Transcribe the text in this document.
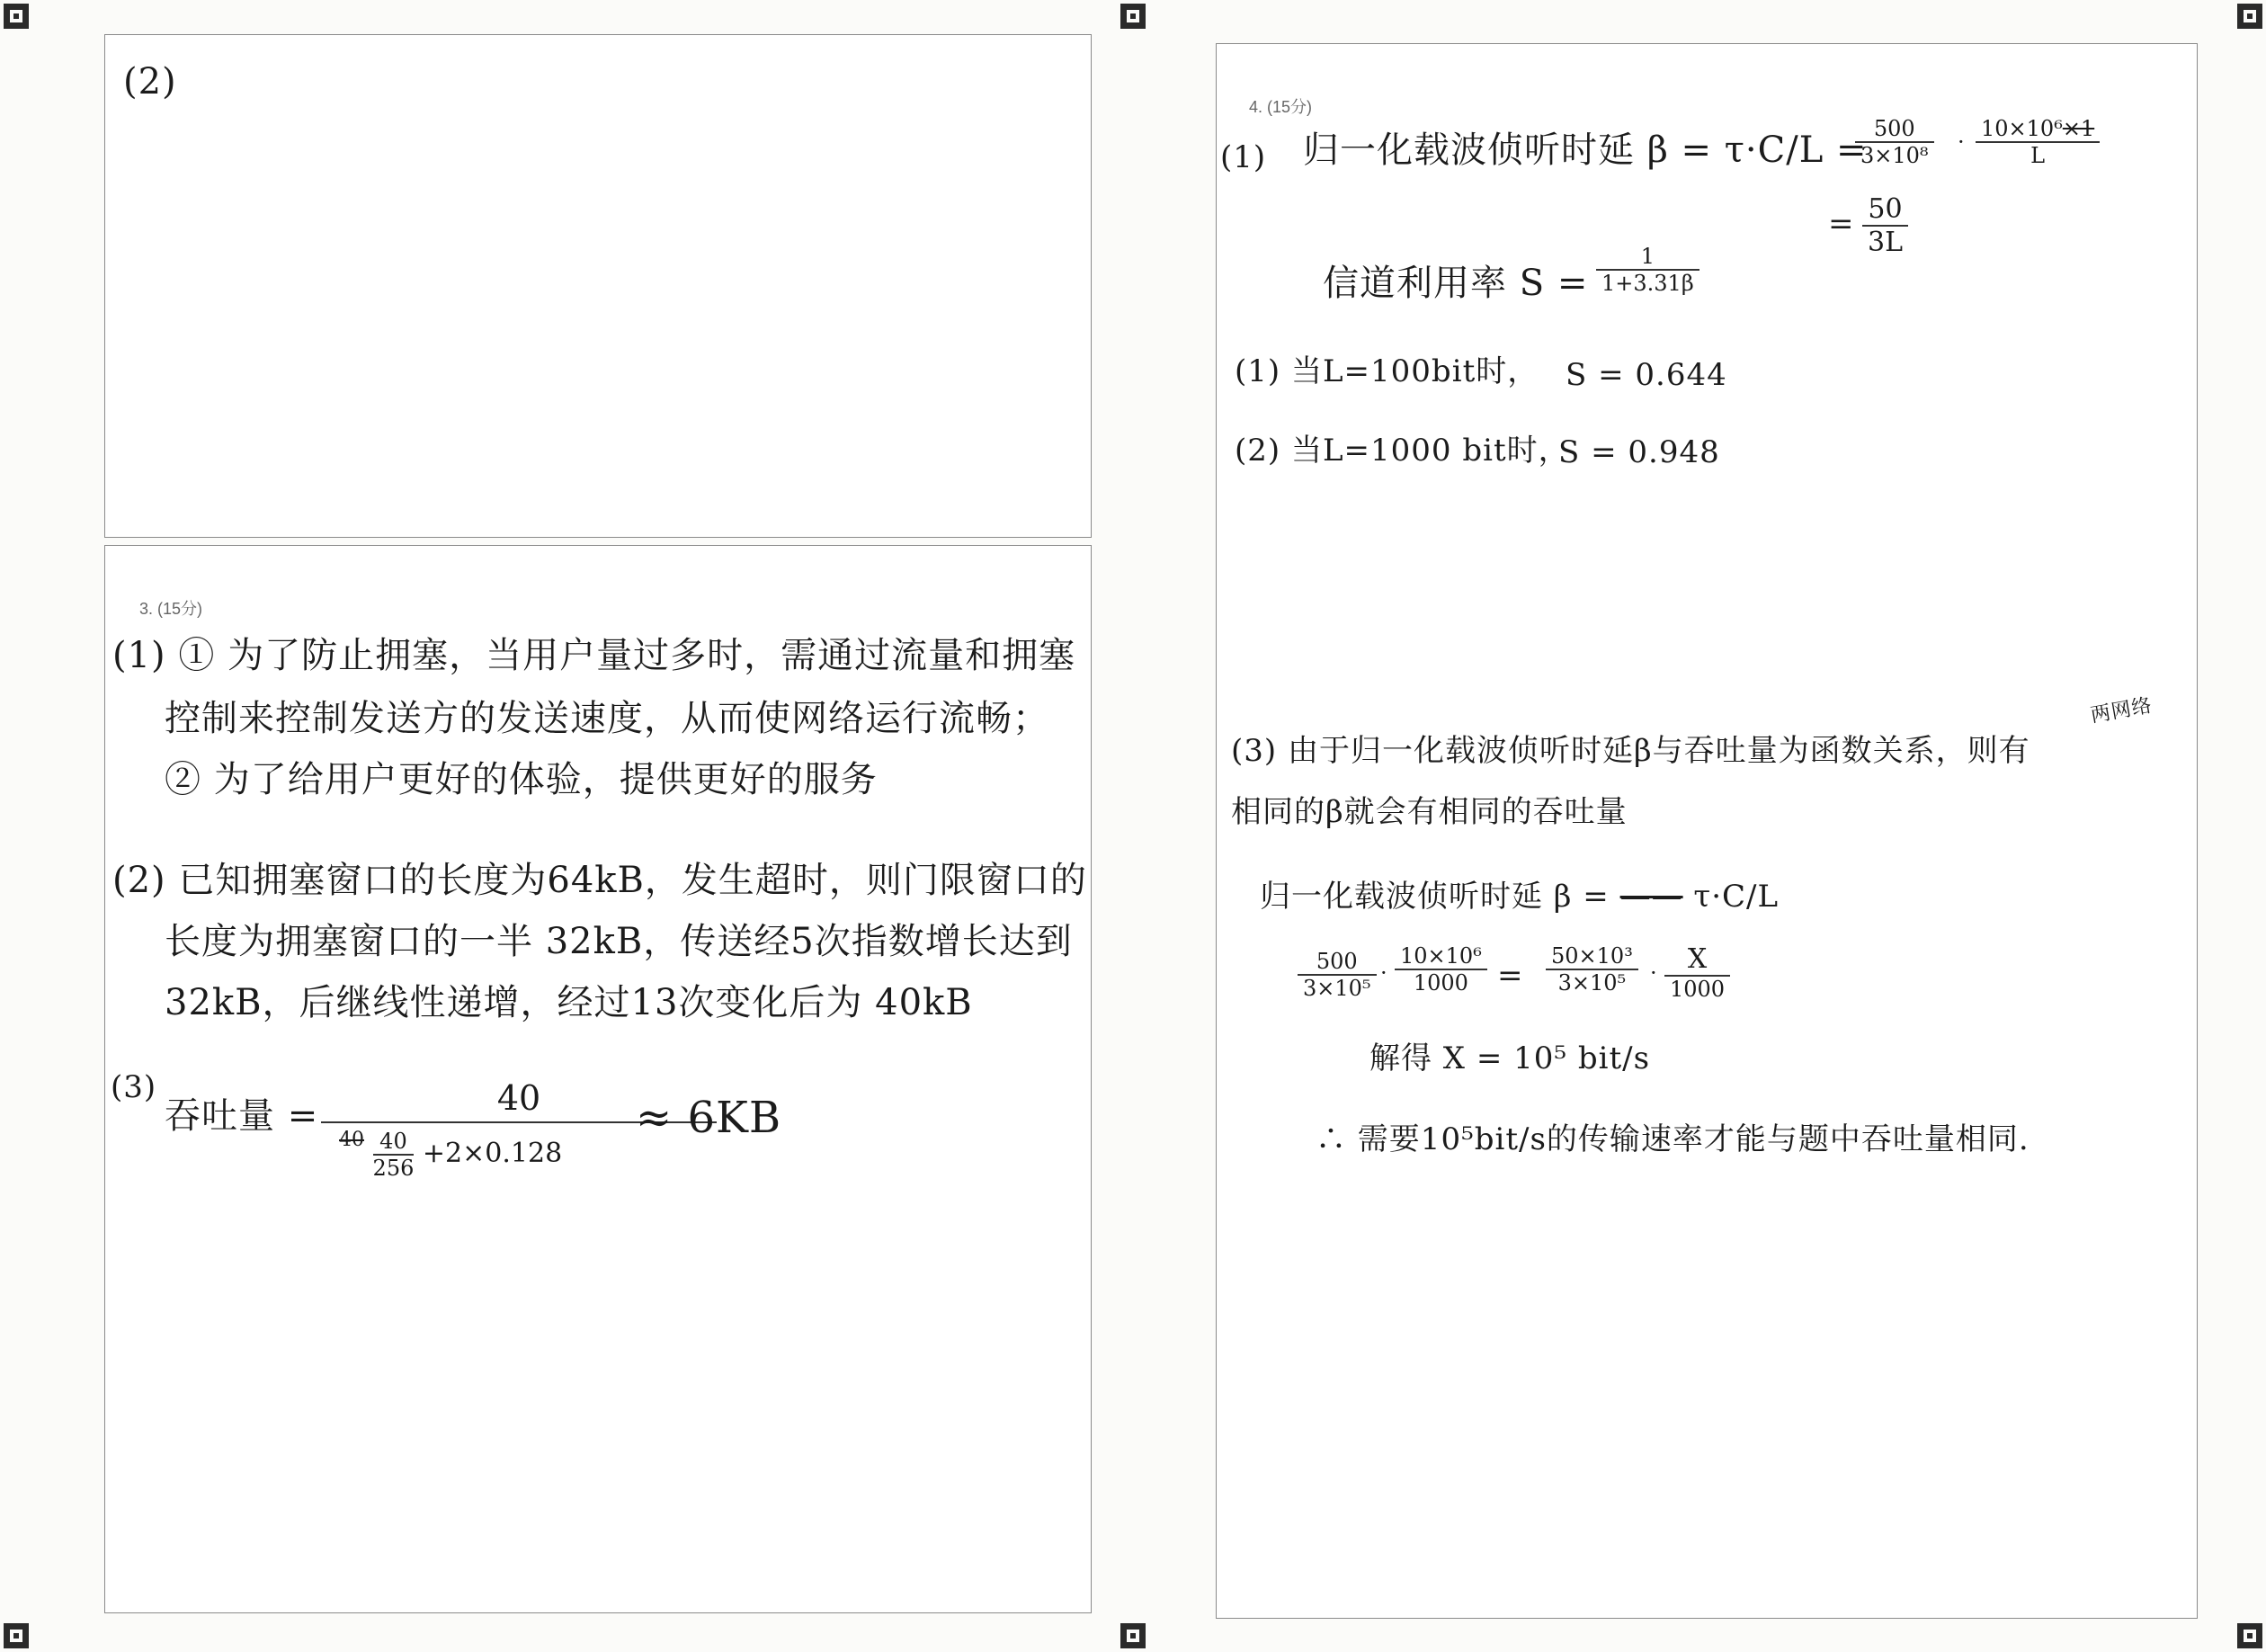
(2)
3. (15分)
(1) ① 为了防止拥塞，当用户量过多时，需通过流量和拥塞
控制来控制发送方的发送速度，从而使网络运行流畅；
② 为了给用户更好的体验，提供更好的服务
(2) 已知拥塞窗口的长度为64kB，发生超时，则门限窗口的
长度为拥塞窗口的一半 32kB，传送经5次指数增长达到
32kB，后继线性递增，经过13次变化后为 40kB
(3)
吞吐量 =	40
$^{40} \frac{40}{256} +2\times 0.128$
≈ 6KB
4. (15分)
(1) 归一化载波侦听时延 β = τ·C/L =
$\frac{500}{\text{3×10⁸}} \cdot \frac{\text{10×10⁶×1}}{L}$
= $\frac{50}{3L}$
信道利用率 $S = \frac{1}{1+3.31\beta}$
(1) 当L=100bit时， S = 0.644
(2) 当L=1000 bit时，
S = 0.948
两网络
(3) 由于归一化载波侦听时延β与吞吐量为函数关系，则有
相同的β就会有相同的吞吐量
归一化载波侦听时延 β = —— τ·C/L
$\frac{500}{\text{3×10⁵}} \cdot \frac{\text{10×10⁶}}{1000} = \frac{\text{50×10³}}{\text{3×10⁵}}$ ·	X
1000
解得 X = 10⁵ bit/s
∴ 需要10⁵bit/s的传输速率才能与题中吞吐量相同.
